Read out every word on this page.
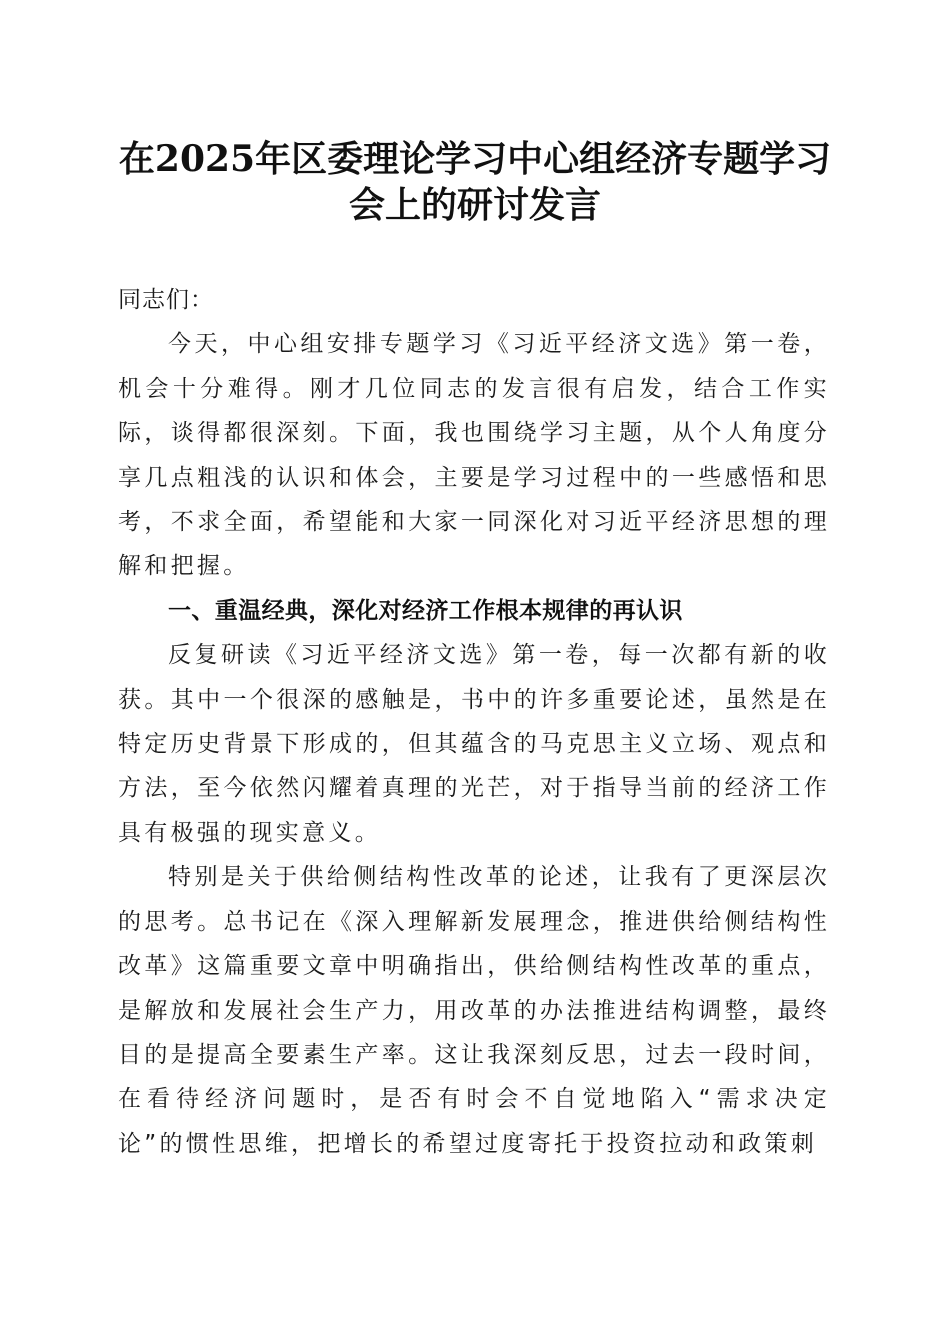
在2025年区委理论学习中心组经济专题学习
会上的研讨发言

同志们：

今天，中心组安排专题学习《习近平经济文选》第一卷，机会十分难得。刚才几位同志的发言很有启发，结合工作实际，谈得都很深刻。下面，我也围绕学习主题，从个人角度分享几点粗浅的认识和体会，主要是学习过程中的一些感悟和思考，不求全面，希望能和大家一同深化对习近平经济思想的理解和把握。

一、重温经典，深化对经济工作根本规律的再认识

反复研读《习近平经济文选》第一卷，每一次都有新的收获。其中一个很深的感触是，书中的许多重要论述，虽然是在特定历史背景下形成的，但其蕴含的马克思主义立场、观点和方法，至今依然闪耀着真理的光芒，对于指导当前的经济工作具有极强的现实意义。

特别是关于供给侧结构性改革的论述，让我有了更深层次的思考。总书记在《深入理解新发展理念，推进供给侧结构性改革》这篇重要文章中明确指出，供给侧结构性改革的重点，是解放和发展社会生产力，用改革的办法推进结构调整，最终目的是提高全要素生产率。这让我深刻反思，过去一段时间，在看待经济问题时，是否有时会不自觉地陷入“需求决定论”的惯性思维，把增长的希望过度寄托于投资拉动和政策刺
